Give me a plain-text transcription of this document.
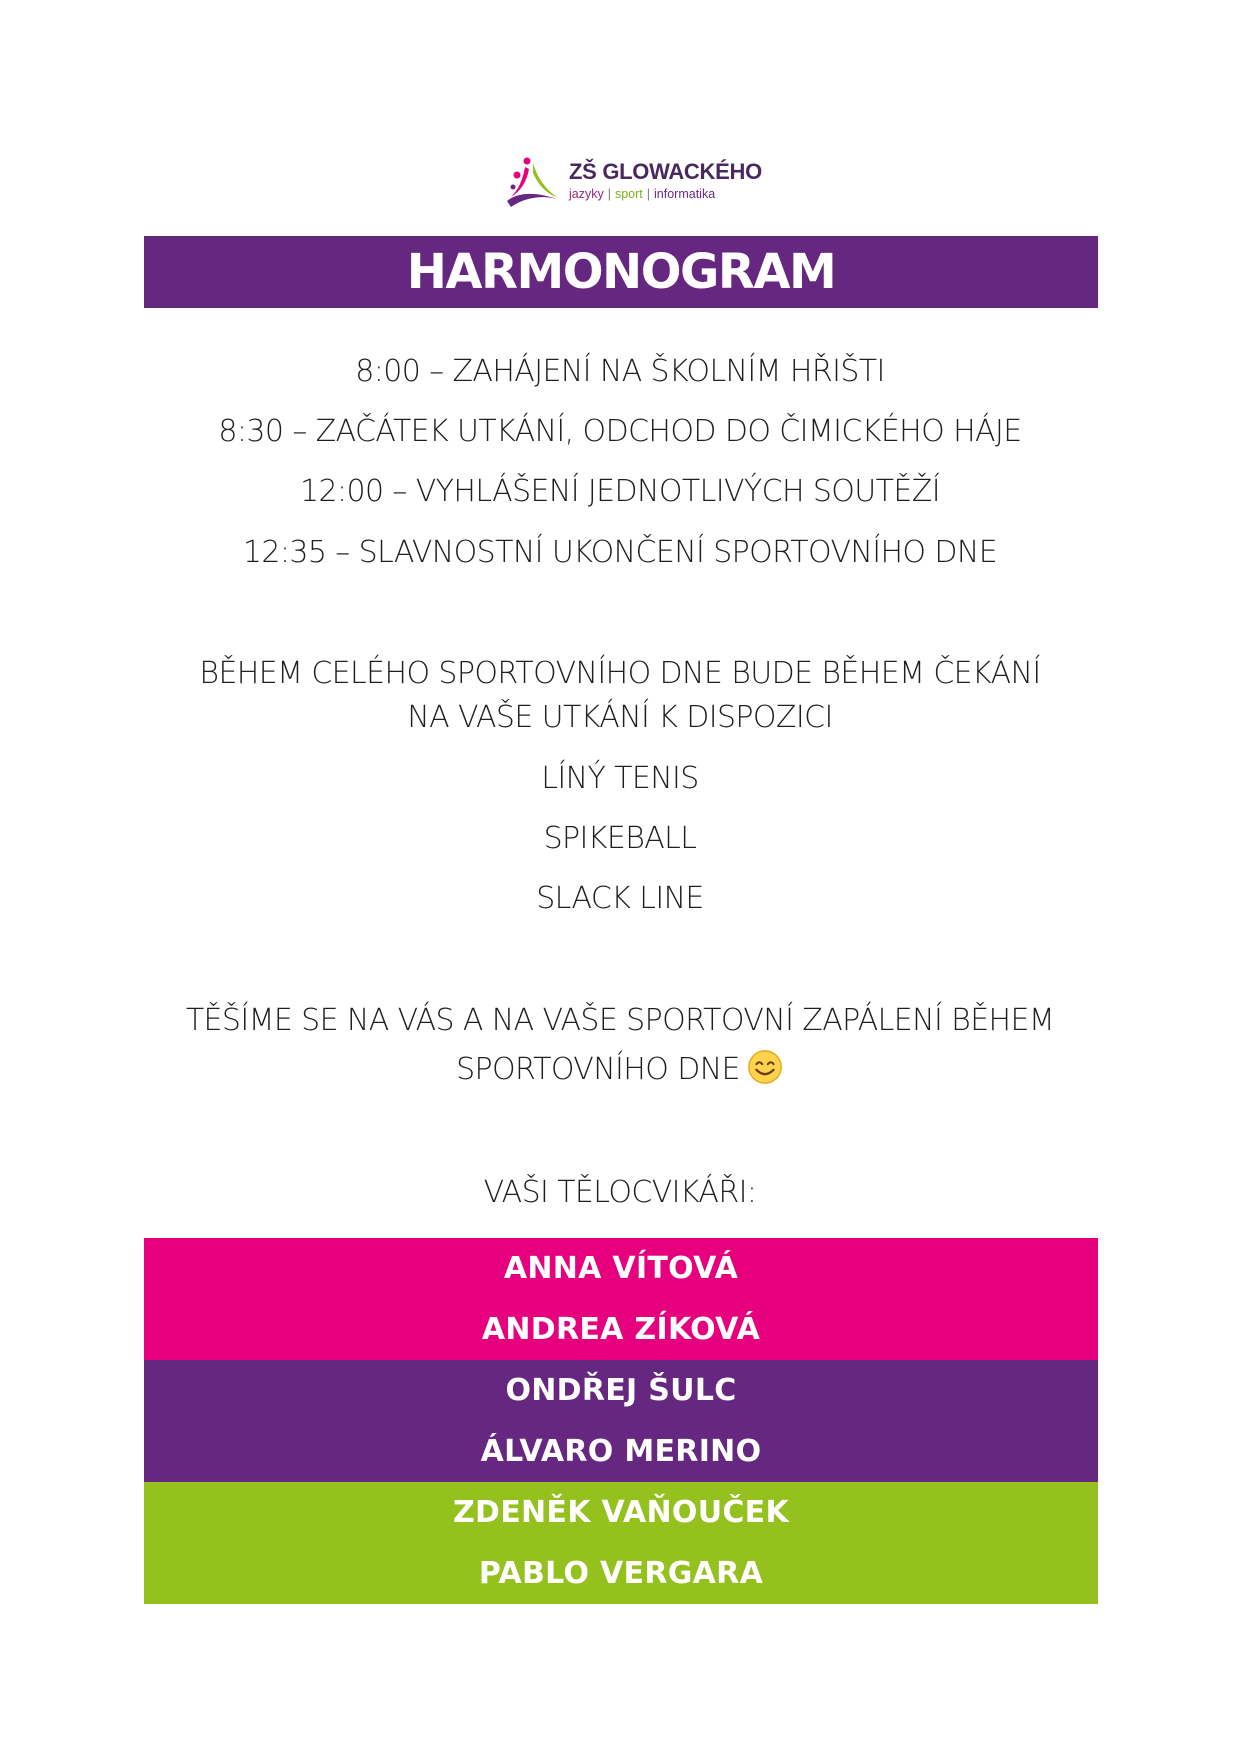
ZŠ GLOWACKÉHO
jazyky | sport | informatika
HARMONOGRAM
8:00 – ZAHÁJENÍ NA ŠKOLNÍM HŘIŠTI
8:30 – ZAČÁTEK UTKÁNÍ, ODCHOD DO ČIMICKÉHO HÁJE
12:00 – VYHLÁŠENÍ JEDNOTLIVÝCH SOUTĚŽÍ
12:35 – SLAVNOSTNÍ UKONČENÍ SPORTOVNÍHO DNE
BĚHEM CELÉHO SPORTOVNÍHO DNE BUDE BĚHEM ČEKÁNÍ
NA VAŠE UTKÁNÍ K DISPOZICI
LÍNÝ TENIS
SPIKEBALL
SLACK LINE
TĚŠÍME SE NA VÁS A NA VAŠE SPORTOVNÍ ZAPÁLENÍ BĚHEM
SPORTOVNÍHO DNE
VAŠI TĚLOCVIKÁŘI:
ANNA VÍTOVÁ
ANDREA ZÍKOVÁ
ONDŘEJ ŠULC
ÁLVARO MERINO
ZDENĚK VAŇOUČEK
PABLO VERGARA
